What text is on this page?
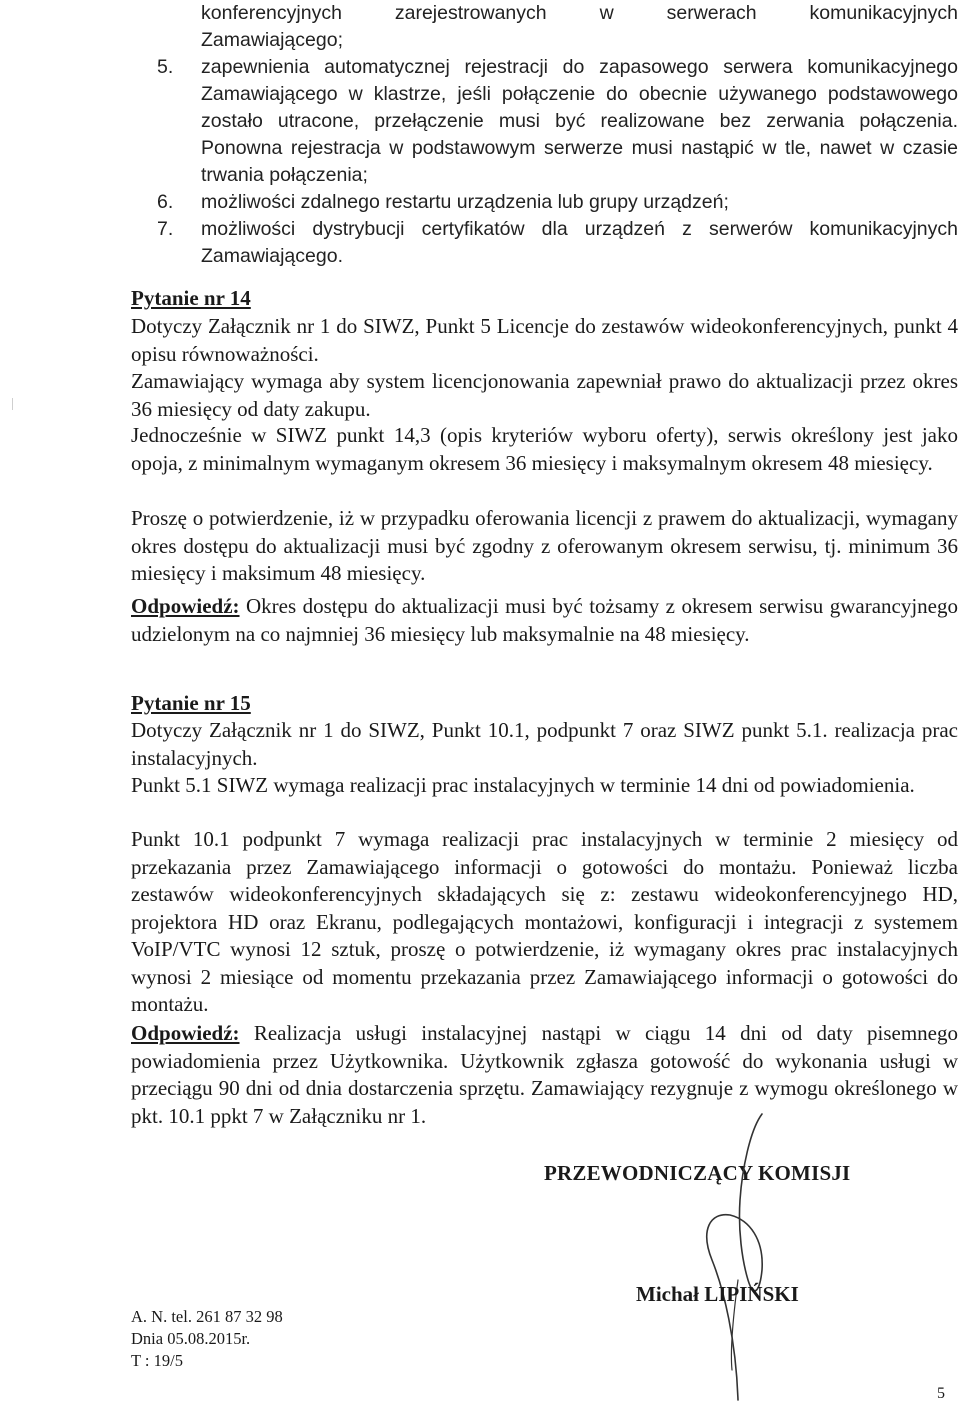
konferencyjnych	zarejestrowanych	w	serwerach	komunikacyjnych
Zamawiającego;
5. zapewnienia automatycznej rejestracji do zapasowego serwera komunikacyjnego Zamawiającego w klastrze, jeśli połączenie do obecnie używanego podstawowego zostało utracone, przełączenie musi być realizowane bez zerwania połączenia. Ponowna rejestracja w podstawowym serwerze musi nastąpić w tle, nawet w czasie trwania połączenia;
6. możliwości zdalnego restartu urządzenia lub grupy urządzeń;
7. możliwości dystrybucji certyfikatów dla urządzeń z serwerów komunikacyjnych Zamawiającego.
Pytanie nr 14
Dotyczy Załącznik nr 1 do SIWZ, Punkt 5 Licencje do zestawów wideokonferencyjnych, punkt 4 opisu równoważności.
Zamawiający wymaga aby system licencjonowania zapewniał prawo do aktualizacji przez okres 36 miesięcy od daty zakupu.
Jednocześnie w SIWZ punkt 14,3 (opis kryteriów wyboru oferty), serwis określony jest jako opoja, z minimalnym wymaganym okresem 36 miesięcy i maksymalnym okresem 48 miesięcy.
Proszę o potwierdzenie, iż w przypadku oferowania licencji z prawem do aktualizacji, wymagany okres dostępu do aktualizacji musi być zgodny z oferowanym okresem serwisu, tj. minimum 36 miesięcy i maksimum 48 miesięcy.
Odpowiedź: Okres dostępu do aktualizacji musi być tożsamy z okresem serwisu gwarancyjnego udzielonym na co najmniej 36 miesięcy lub maksymalnie na 48 miesięcy.
Pytanie nr 15
Dotyczy Załącznik nr 1 do SIWZ, Punkt 10.1, podpunkt 7 oraz SIWZ punkt 5.1. realizacja prac instalacyjnych.
Punkt 5.1 SIWZ wymaga realizacji prac instalacyjnych w terminie 14 dni od powiadomienia.
Punkt 10.1 podpunkt 7 wymaga realizacji prac instalacyjnych w terminie 2 miesięcy od przekazania przez Zamawiającego informacji o gotowości do montażu. Ponieważ liczba zestawów wideokonferencyjnych składających się z: zestawu wideokonferencyjnego HD, projektora HD oraz Ekranu, podlegających montażowi, konfiguracji i integracji z systemem VoIP/VTC wynosi 12 sztuk, proszę o potwierdzenie, iż wymagany okres prac instalacyjnych wynosi 2 miesiące od momentu przekazania przez Zamawiającego informacji o gotowości do montażu.
Odpowiedź: Realizacja usługi instalacyjnej nastąpi w ciągu 14 dni od daty pisemnego powiadomienia przez Użytkownika. Użytkownik zgłasza gotowość do wykonania usługi w przeciągu 90 dni od dnia dostarczenia sprzętu. Zamawiający rezygnuje z wymogu określonego w pkt. 10.1 ppkt 7 w Załączniku nr 1.
PRZEWODNICZĄCY KOMISJI
Michał LIPIŃSKI
A. N. tel. 261 87 32 98
Dnia 05.08.2015r.
T : 19/5
5
